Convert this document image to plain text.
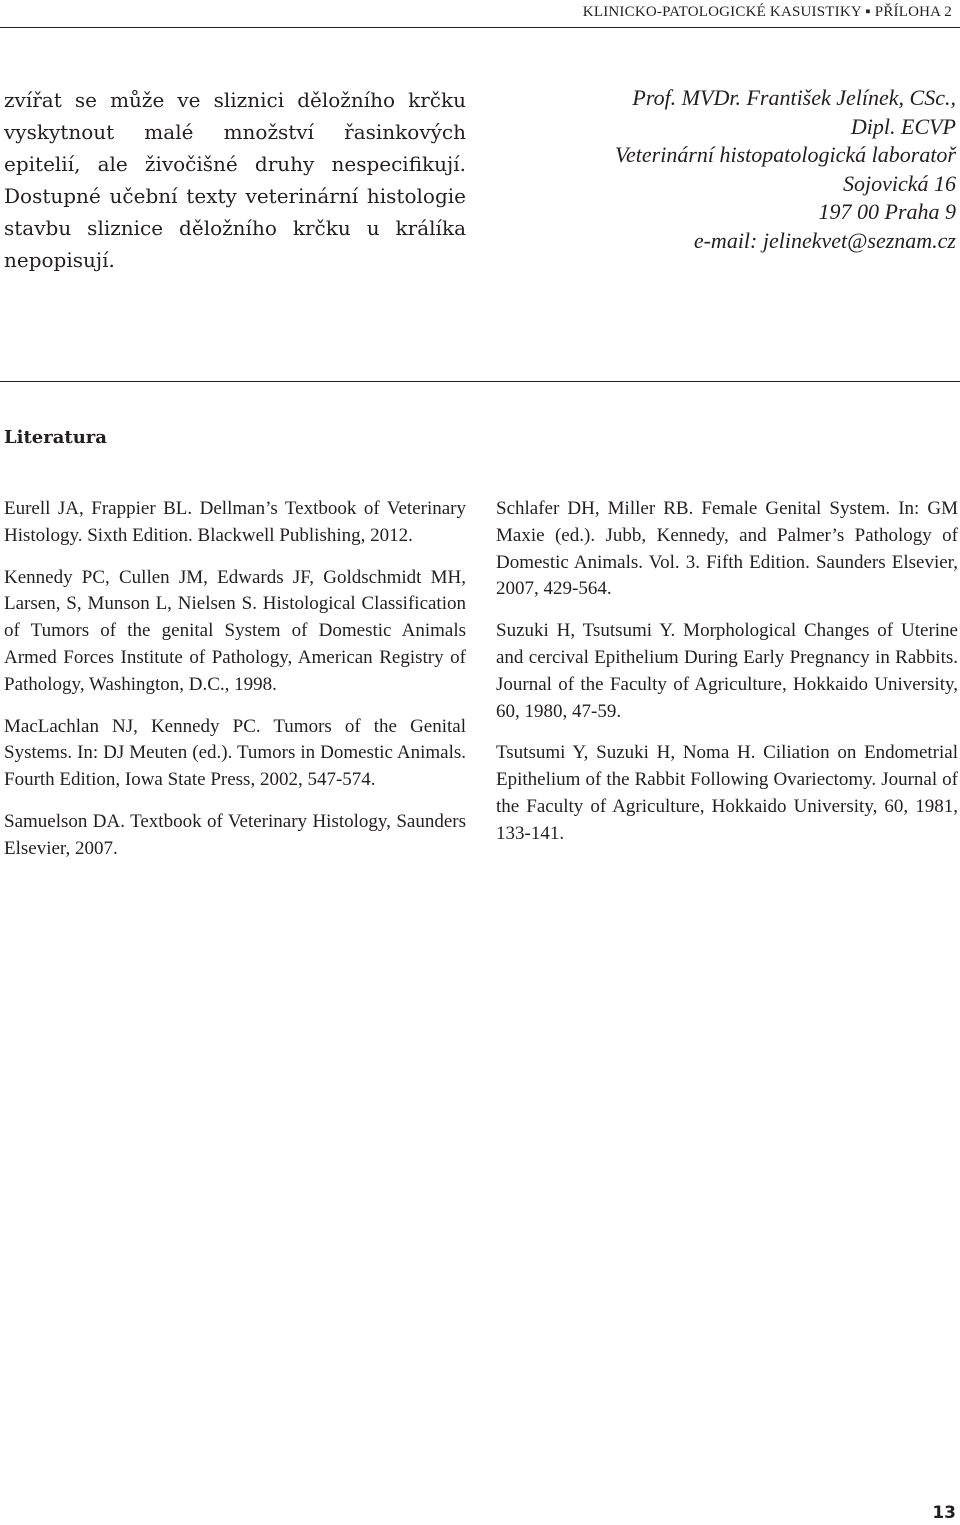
KLINICKO-PATOLOGICKÉ KASUISTIKY ▪ PŘÍLOHA 2

zvířat se může ve sliznici děložního krčku vyskytnout malé množství řasinkových epitelií, ale živočišné druhy nespecifikují. Dostupné učební texty veterinární histologie stavbu sliznice děložního krčku u králíka nepopisují.

Prof. MVDr. František Jelínek, CSc.,
Dipl. ECVP
Veterinární histopatologická laboratoř
Sojovická 16
197 00 Praha 9
e-mail: jelinekvet@seznam.cz
Literatura

Eurell JA, Frappier BL. Dellman’s Textbook of Veterinary Histology. Sixth Edition. Blackwell Publishing, 2012.

Kennedy PC, Cullen JM, Edwards JF, Goldschmidt MH, Larsen, S, Munson L, Nielsen S. Histological Classification of Tumors of the genital System of Domestic Animals Armed Forces Institute of Pathology, American Registry of Pathology, Washington, D.C., 1998.

MacLachlan NJ, Kennedy PC. Tumors of the Genital Systems. In: DJ Meuten (ed.). Tumors in Domestic Animals. Fourth Edition, Iowa State Press, 2002, 547-574.

Samuelson DA. Textbook of Veterinary Histology, Saunders Elsevier, 2007.

Schlafer DH, Miller RB. Female Genital System. In: GM Maxie (ed.). Jubb, Kennedy, and Palmer’s Pathology of Domestic Animals. Vol. 3. Fifth Edition. Saunders Elsevier, 2007, 429-564.

Suzuki H, Tsutsumi Y. Morphological Changes of Uterine and cercival Epithelium During Early Pregnancy in Rabbits. Journal of the Faculty of Agriculture, Hokkaido University, 60, 1980, 47-59.

Tsutsumi Y, Suzuki H, Noma H. Ciliation on Endometrial Epithelium of the Rabbit Following Ovariectomy. Journal of the Faculty of Agriculture, Hokkaido University, 60, 1981, 133-141.

13
